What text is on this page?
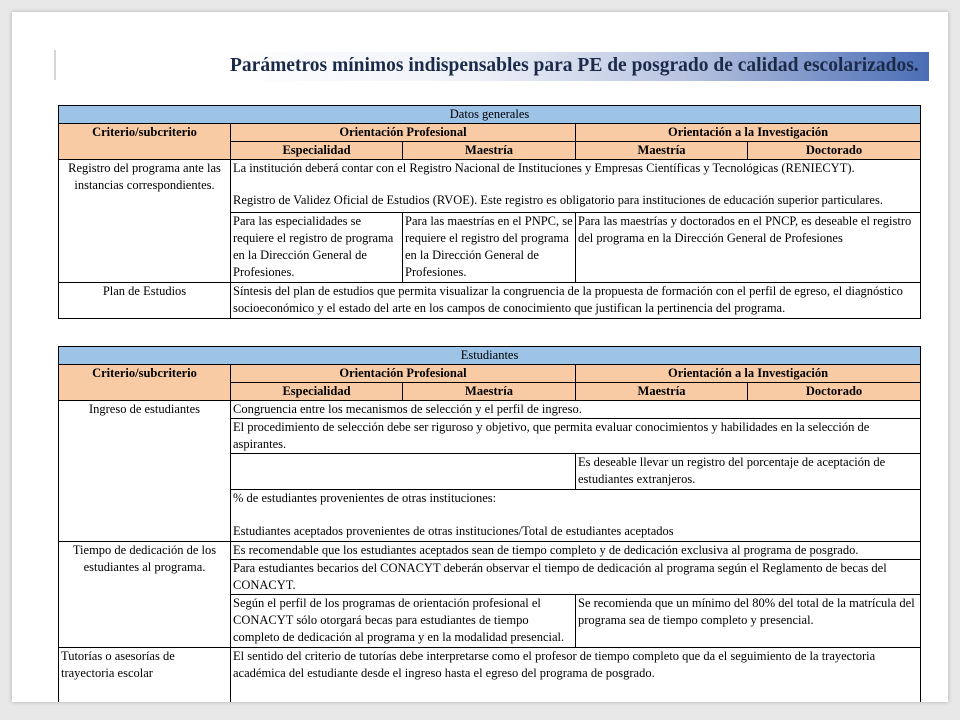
Parámetros mínimos indispensables para PE de posgrado de calidad escolarizados.
Datos generales				
Criterio/subcriterio	Orientación Profesional		Orientación a la Investigación	
	Especialidad	Maestría	Maestría	Doctorado
Registro del programa ante las instancias correspondientes.	La institución deberá contar con el Registro Nacional de Instituciones y Empresas Científicas y Tecnológicas (RENIECYT).
Registro de Validez Oficial de Estudios (RVOE). Este registro es obligatorio para instituciones de educación superior particulares.			

	Para las especialidades se requiere el registro de programa en la Dirección General de Profesiones.	Para las maestrías en el PNPC, se requiere el registro del programa en la Dirección General de Profesiones.	Para las maestrías y doctorados en el PNCP, es deseable el registro del programa en la Dirección General de Profesiones	
Plan de Estudios	Síntesis del plan de estudios que permita visualizar la congruencia de la propuesta de formación con el perfil de egreso, el diagnóstico socioeconómico y el estado del arte en los campos de conocimiento que justifican la pertinencia del programa.			
Estudiantes				
Criterio/subcriterio	Orientación Profesional		Orientación a la Investigación	
	Especialidad	Maestría	Maestría	Doctorado
Ingreso de estudiantes	Congruencia entre los mecanismos de selección y el perfil de ingreso.			
	El procedimiento de selección debe ser riguroso y objetivo, que permita evaluar conocimientos y habilidades en la selección de aspirantes.			
			Es deseable llevar un registro del porcentaje de aceptación de estudiantes extranjeros.	

	% de estudiantes provenientes de otras instituciones:
Estudiantes aceptados provenientes de otras instituciones/Total de estudiantes aceptados			

Tiempo de dedicación de los estudiantes al programa.	Es recomendable que los estudiantes aceptados sean de tiempo completo y de dedicación exclusiva al programa de posgrado.			
	Para estudiantes becarios del CONACYT deberán observar el tiempo de dedicación al programa según el Reglamento de becas del CONACYT.			
	Según el perfil de los programas de orientación profesional el CONACYT sólo otorgará becas para estudiantes de tiempo completo de dedicación al programa y en la modalidad presencial.		Se recomienda que un mínimo del 80% del total de la matrícula del programa sea de tiempo completo y presencial.	
Tutorías o asesorías de trayectoria escolar	El sentido del criterio de tutorías debe interpretarse como el profesor de tiempo completo que da el seguimiento de la trayectoria académica del estudiante desde el ingreso hasta el egreso del programa de posgrado.			
